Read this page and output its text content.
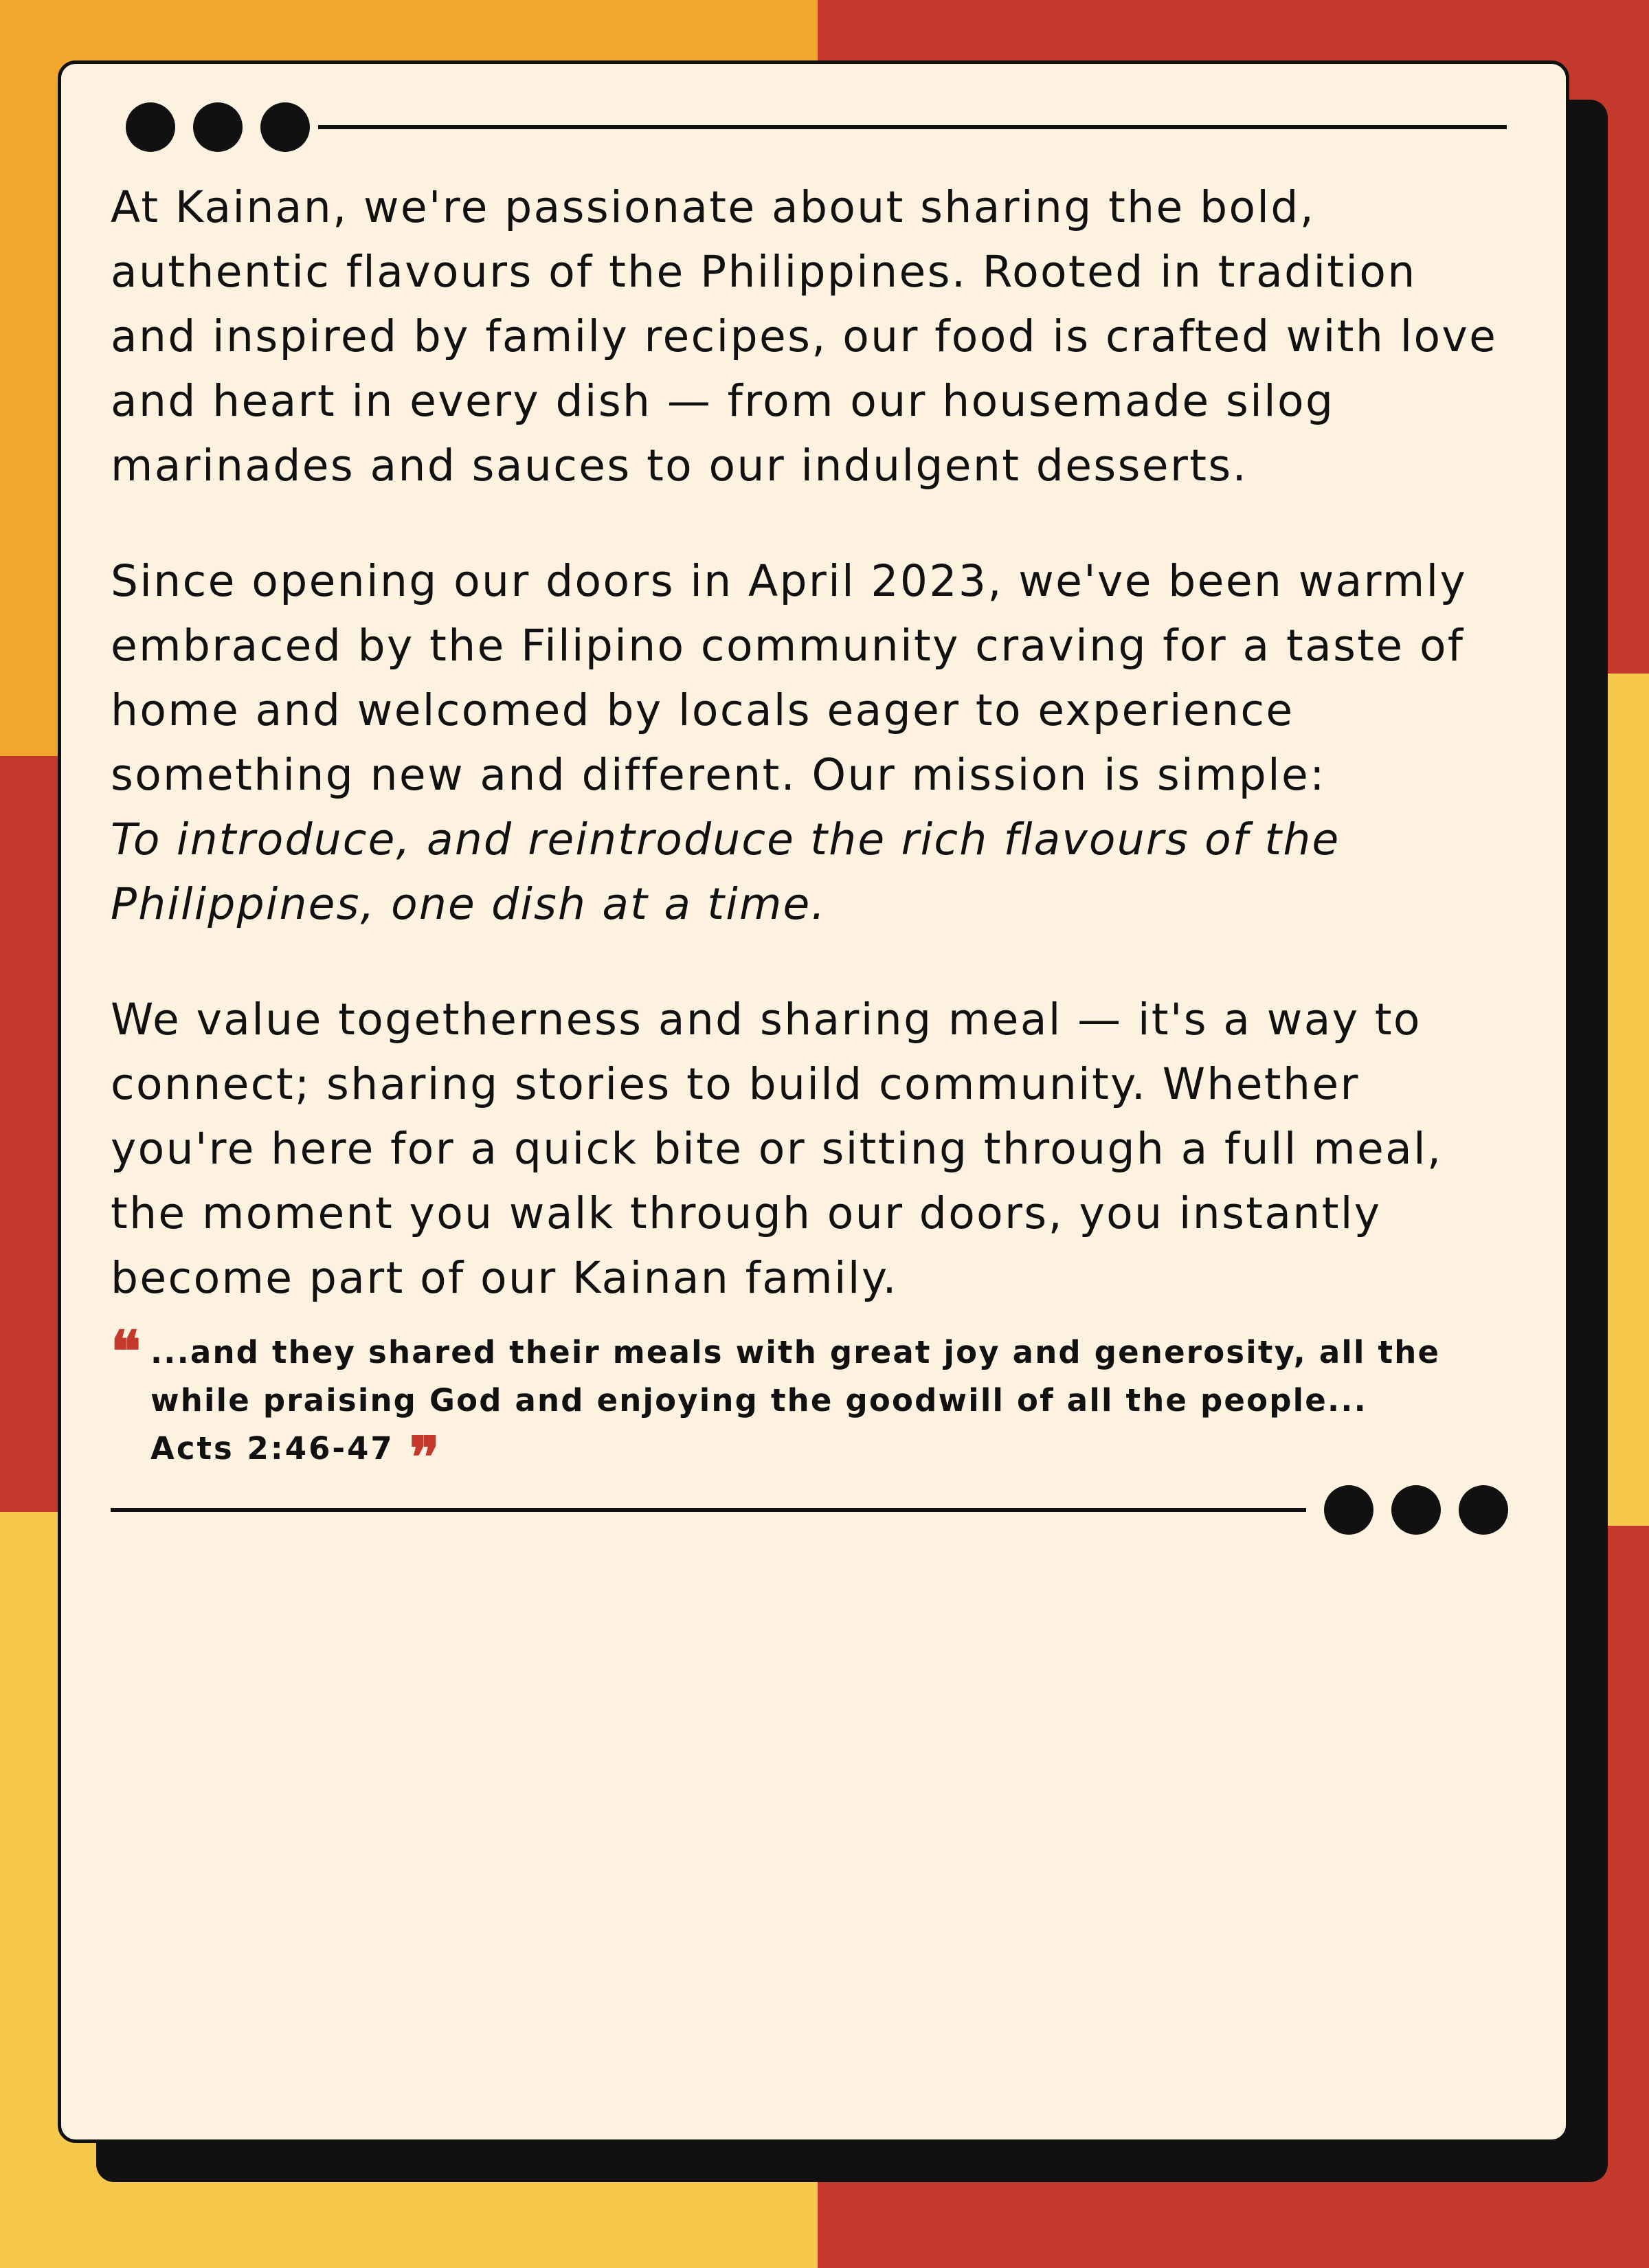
At Kainan, we're passionate about sharing the bold, authentic flavours of the Philippines. Rooted in tradition and inspired by family recipes, our food is crafted with love and heart in every dish — from our housemade silog marinades and sauces to our indulgent desserts.

Since opening our doors in April 2023, we've been warmly embraced by the Filipino community craving for a taste of home and welcomed by locals eager to experience something new and different. Our mission is simple:

To introduce, and reintroduce the rich flavours of the Philippines, one dish at a time.

We value togetherness and sharing meal — it's a way to connect; sharing stories to build community. Whether you're here for a quick bite or sitting through a full meal, the moment you walk through our doors, you instantly become part of our Kainan family.

❝ ...and they shared their meals with great joy and generosity, all the while praising God and enjoying the goodwill of all the people...

Acts 2:46-47 ❞
